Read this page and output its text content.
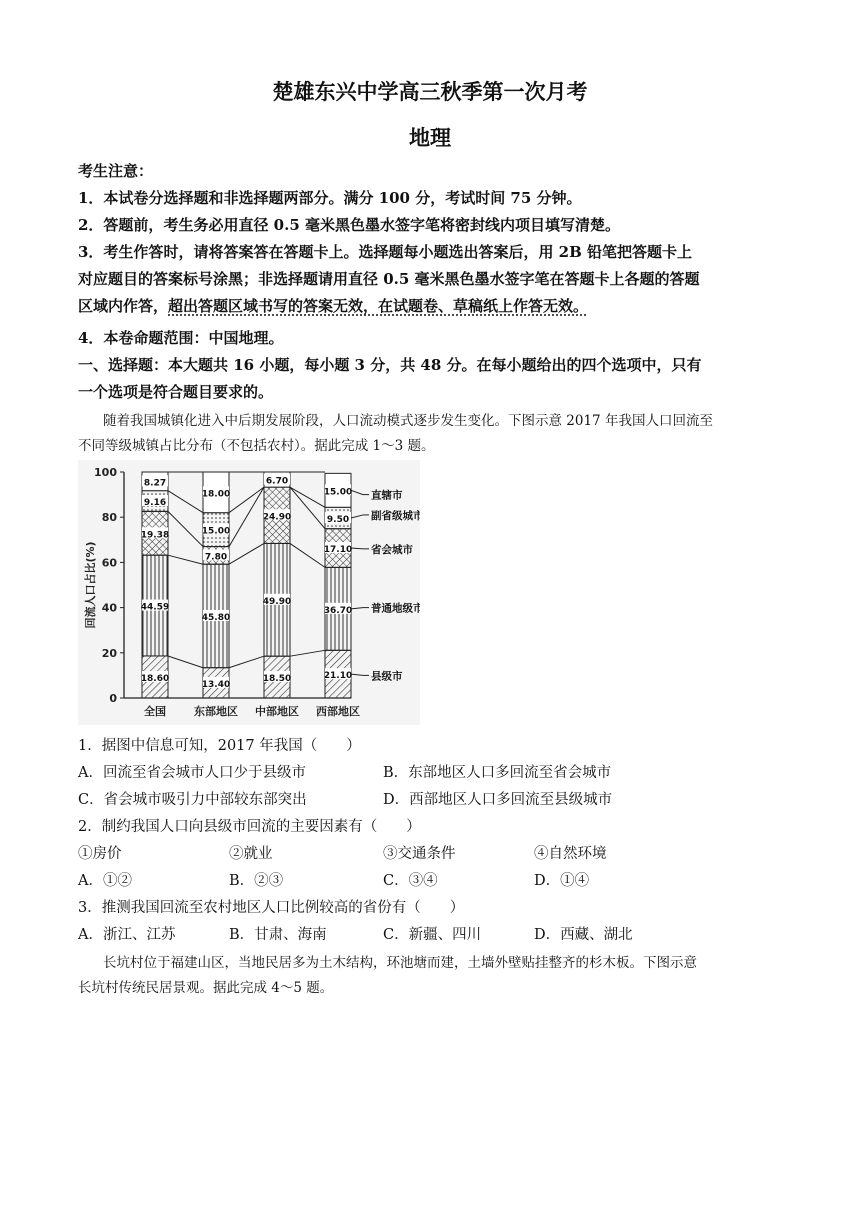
楚雄东兴中学高三秋季第一次月考
地理
考生注意：
1．本试卷分选择题和非选择题两部分。满分 100 分，考试时间 75 分钟。
2．答题前，考生务必用直径 0.5 毫米黑色墨水签字笔将密封线内项目填写清楚。
3．考生作答时，请将答案答在答题卡上。选择题每小题选出答案后，用 2B 铅笔把答题卡上
对应题目的答案标号涂黑；非选择题请用直径 0.5 毫米黑色墨水签字笔在答题卡上各题的答题
区域内作答，超出答题区域书写的答案无效，在试题卷、草稿纸上作答无效。
4．本卷命题范围：中国地理。
一、选择题：本大题共 16 小题，每小题 3 分，共 48 分。在每小题给出的四个选项中，只有
一个选项是符合题目要求的。
随着我国城镇化进入中后期发展阶段，人口流动模式逐步发生变化。下图示意 2017 年我国人口回流至
不同等级城镇占比分布（不包括农村）。据此完成 1～3 题。
0
20
40
60
80
100
回流人口占比(%)
全国	东部地区 中部地区 西部地区
18.60
44.59
19.38
9.16
8.27
13.40
45.80
7.80
15.00
18.00
18.50
49.90
24.90
6.70
21.10
36.70
17.10
9.50
15.00
县级市
普通地级市
省会城市
副省级城市
直辖市
1．据图中信息可知，2017 年我国（　　）
A．回流至省会城市人口少于县级市	B．东部地区人口多回流至省会城市
C．省会城市吸引力中部较东部突出	D．西部地区人口多回流至县级城市
2．制约我国人口向县级市回流的主要因素有（　　）
①房价	②就业	③交通条件	④自然环境
A．①②	B．②③	C．③④	D．①④
3．推测我国回流至农村地区人口比例较高的省份有（　　）
A．浙江、江苏	B．甘肃、海南	C．新疆、四川	D．西藏、湖北
长坑村位于福建山区，当地民居多为土木结构，环池塘而建，土墙外壁贴挂整齐的杉木板。下图示意
长坑村传统民居景观。据此完成 4～5 题。
